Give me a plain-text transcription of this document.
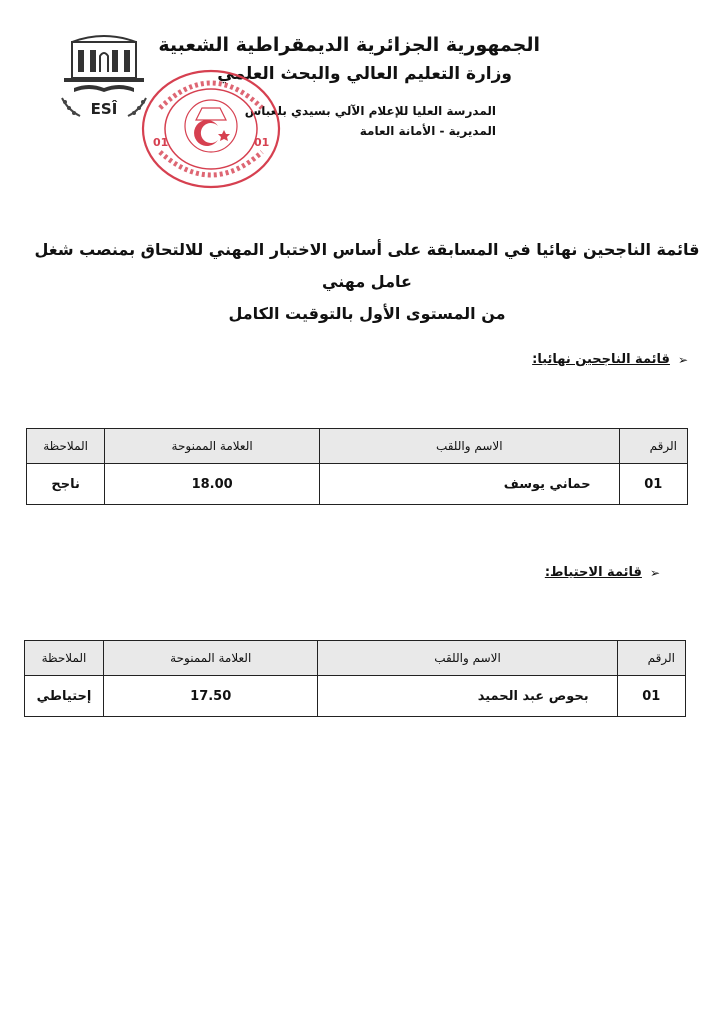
الجمهورية الجزائرية الديمقراطية الشعبية
وزارة التعليم العالي والبحث العلمي
المدرسة العليا للإعلام الآلي بسيدي بلعباس
المديرية - الأمانة العامة
ESÎ
01	01
قائمة الناجحين نهائيا في المسابقة على أساس الاختبار المهني للالتحاق بمنصب شغل عامل مهني
من المستوى الأول بالتوقيت الكامل
➢
قائمة الناجحين نهائيا:
الرقم	الاسم واللقب	العلامة الممنوحة	الملاحظة
01	حماني يوسف	18.00	ناجح
➢
قائمة الاحتياط:
الرقم	الاسم واللقب	العلامة الممنوحة	الملاحظة
01	بحوص عبد الحميد	17.50	إحتياطي
